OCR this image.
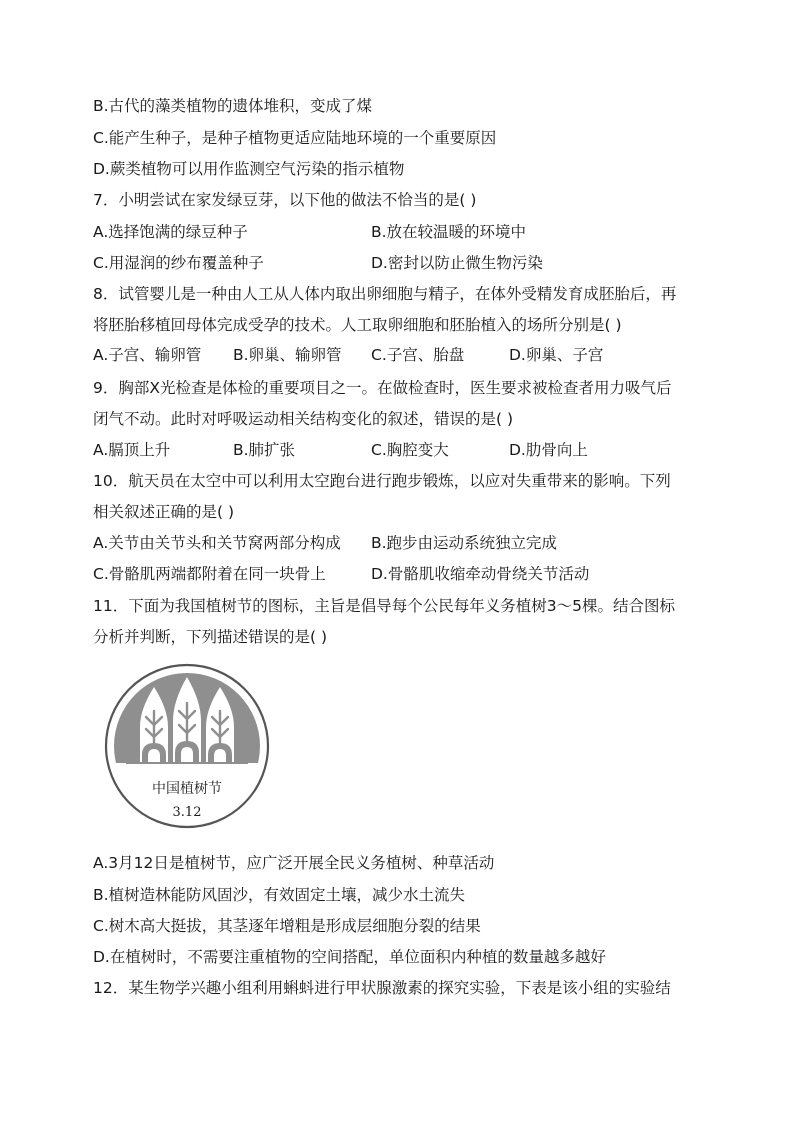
B.古代的藻类植物的遗体堆积，变成了煤
C.能产生种子，是种子植物更适应陆地环境的一个重要原因
D.蕨类植物可以用作监测空气污染的指示植物
7．小明尝试在家发绿豆芽，以下他的做法不恰当的是( )
A.选择饱满的绿豆种子	B.放在较温暖的环境中
C.用湿润的纱布覆盖种子	D.密封以防止微生物污染
8．试管婴儿是一种由人工从人体内取出卵细胞与精子，在体外受精发育成胚胎后，再
将胚胎移植回母体完成受孕的技术。人工取卵细胞和胚胎植入的场所分别是( )
A.子宫、输卵管 B.卵巢、输卵管 C.子宫、胎盘	D.卵巢、子宫
9．胸部X光检查是体检的重要项目之一。在做检查时，医生要求被检查者用力吸气后
闭气不动。此时对呼吸运动相关结构变化的叙述，错误的是( )
A.膈顶上升	B.肺扩张	C.胸腔变大	D.肋骨向上
10．航天员在太空中可以利用太空跑台进行跑步锻炼，以应对失重带来的影响。下列
相关叙述正确的是( )
A.关节由关节头和关节窝两部分构成 B.跑步由运动系统独立完成
C.骨骼肌两端都附着在同一块骨上	D.骨骼肌收缩牵动骨绕关节活动
11．下面为我国植树节的图标，主旨是倡导每个公民每年义务植树3～5棵。结合图标
分析并判断，下列描述错误的是( )
中国植树节
3.12
A.3月12日是植树节，应广泛开展全民义务植树、种草活动
B.植树造林能防风固沙，有效固定土壤，减少水土流失
C.树木高大挺拔，其茎逐年增粗是形成层细胞分裂的结果
D.在植树时，不需要注重植物的空间搭配，单位面积内种植的数量越多越好
12．某生物学兴趣小组利用蝌蚪进行甲状腺激素的探究实验，下表是该小组的实验结
